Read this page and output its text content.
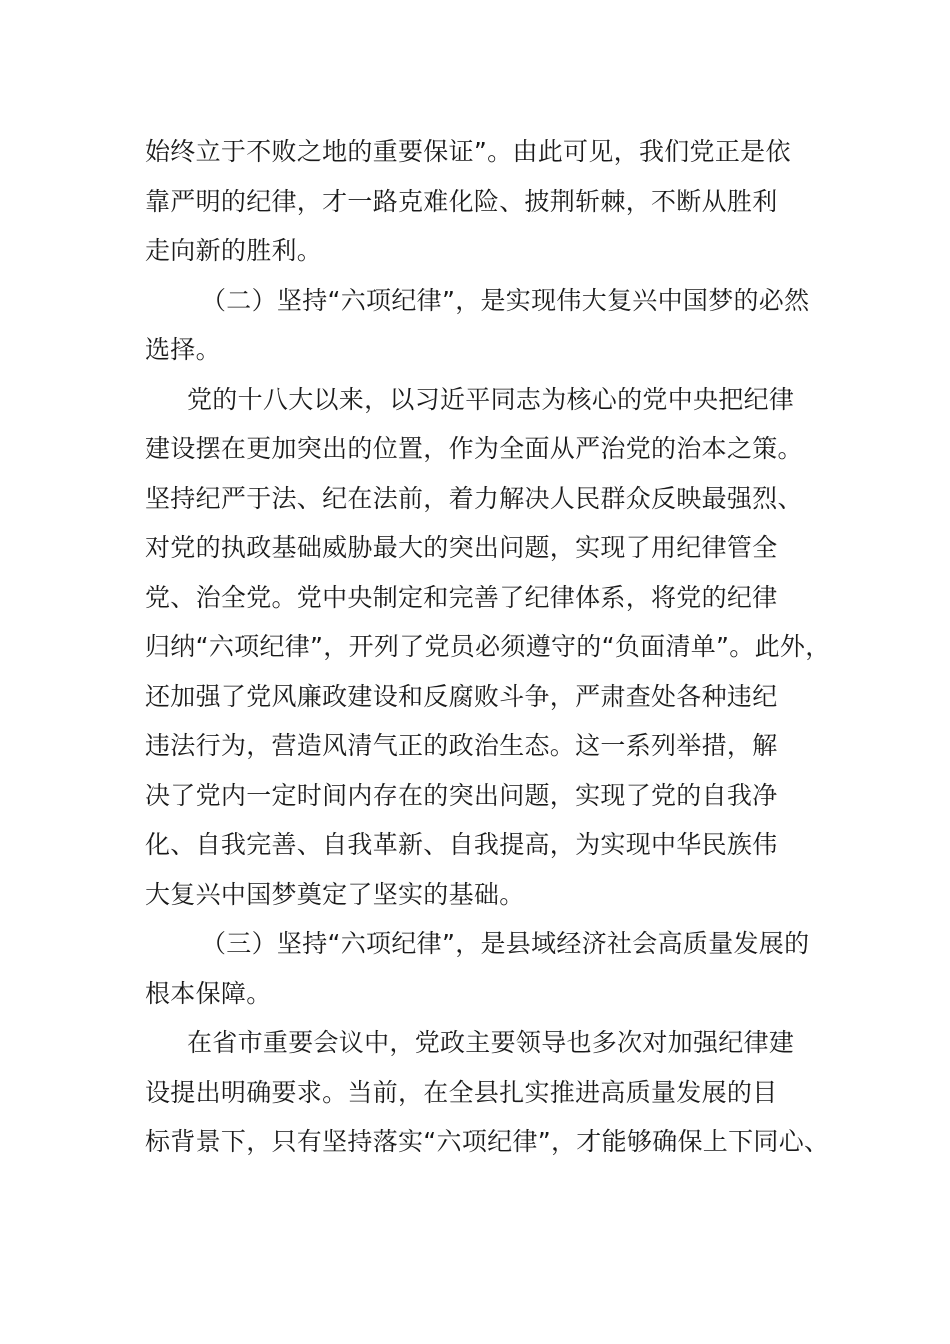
始终立于不败之地的重要保证”。由此可见，我们党正是依
靠严明的纪律，才一路克难化险、披荆斩棘，不断从胜利
走向新的胜利。
（二）坚持“六项纪律”，是实现伟大复兴中国梦的必然
选择。
党的十八大以来，以习近平同志为核心的党中央把纪律
建设摆在更加突出的位置，作为全面从严治党的治本之策。
坚持纪严于法、纪在法前，着力解决人民群众反映最强烈、
对党的执政基础威胁最大的突出问题，实现了用纪律管全
党、治全党。党中央制定和完善了纪律体系，将党的纪律
归纳“六项纪律”，开列了党员必须遵守的“负面清单”。此外，
还加强了党风廉政建设和反腐败斗争，严肃查处各种违纪
违法行为，营造风清气正的政治生态。这一系列举措，解
决了党内一定时间内存在的突出问题，实现了党的自我净
化、自我完善、自我革新、自我提高，为实现中华民族伟
大复兴中国梦奠定了坚实的基础。
（三）坚持“六项纪律”，是县域经济社会高质量发展的
根本保障。
在省市重要会议中，党政主要领导也多次对加强纪律建
设提出明确要求。当前，在全县扎实推进高质量发展的目
标背景下，只有坚持落实“六项纪律”，才能够确保上下同心、
